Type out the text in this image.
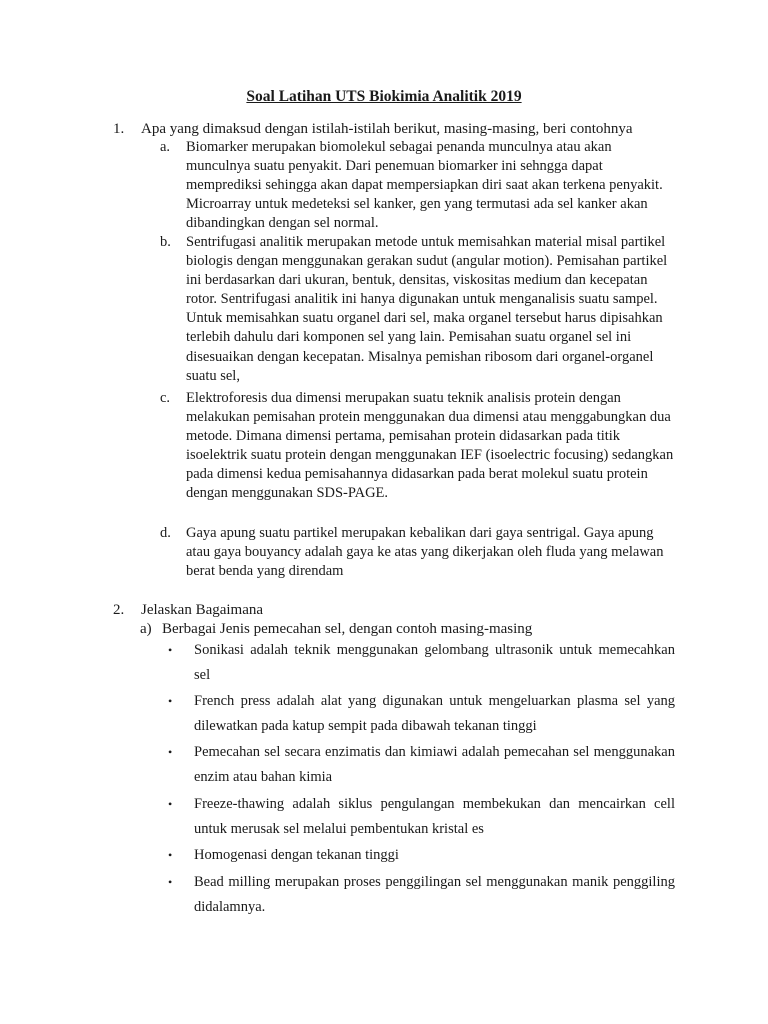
Soal Latihan UTS Biokimia Analitik 2019
1. Apa yang dimaksud dengan istilah-istilah berikut, masing-masing, beri contohnya
a. Biomarker merupakan biomolekul sebagai penanda munculnya atau akan munculnya suatu penyakit. Dari penemuan biomarker ini sehngga dapat memprediksi sehingga akan dapat mempersiapkan diri saat akan terkena penyakit. Microarray untuk medeteksi sel kanker, gen yang termutasi ada sel kanker akan dibandingkan dengan sel normal.
b. Sentrifugasi analitik merupakan metode untuk memisahkan material misal partikel biologis dengan menggunakan gerakan sudut (angular motion). Pemisahan partikel ini berdasarkan dari ukuran, bentuk, densitas, viskositas medium dan kecepatan rotor. Sentrifugasi analitik ini hanya digunakan untuk menganalisis suatu sampel. Untuk memisahkan suatu organel dari sel, maka organel tersebut harus dipisahkan terlebih dahulu dari komponen sel yang lain. Pemisahan suatu organel sel ini disesuaikan dengan kecepatan. Misalnya pemishan ribosom dari organel-organel suatu sel,
c. Elektroforesis dua dimensi merupakan suatu teknik analisis protein dengan melakukan pemisahan protein menggunakan dua dimensi atau menggabungkan dua metode. Dimana dimensi pertama, pemisahan protein didasarkan pada titik isoelektrik suatu protein dengan menggunakan IEF (isoelectric focusing) sedangkan pada dimensi kedua pemisahannya didasarkan pada berat molekul suatu protein dengan menggunakan SDS-PAGE.
d. Gaya apung suatu partikel merupakan kebalikan dari gaya sentrigal. Gaya apung atau gaya bouyancy adalah gaya ke atas yang dikerjakan oleh fluda yang melawan berat benda yang direndam
2. Jelaskan Bagaimana
a) Berbagai Jenis pemecahan sel, dengan contoh masing-masing
• Sonikasi adalah teknik menggunakan gelombang ultrasonik untuk memecahkan sel
• French press adalah alat yang digunakan untuk mengeluarkan plasma sel yang dilewatkan pada katup sempit pada dibawah tekanan tinggi
• Pemecahan sel secara enzimatis dan kimiawi adalah pemecahan sel menggunakan enzim atau bahan kimia
• Freeze-thawing adalah siklus pengulangan membekukan dan mencairkan cell untuk merusak sel melalui pembentukan kristal es
• Homogenasi dengan tekanan tinggi
• Bead milling merupakan proses penggilingan sel menggunakan manik penggiling didalamnya.
